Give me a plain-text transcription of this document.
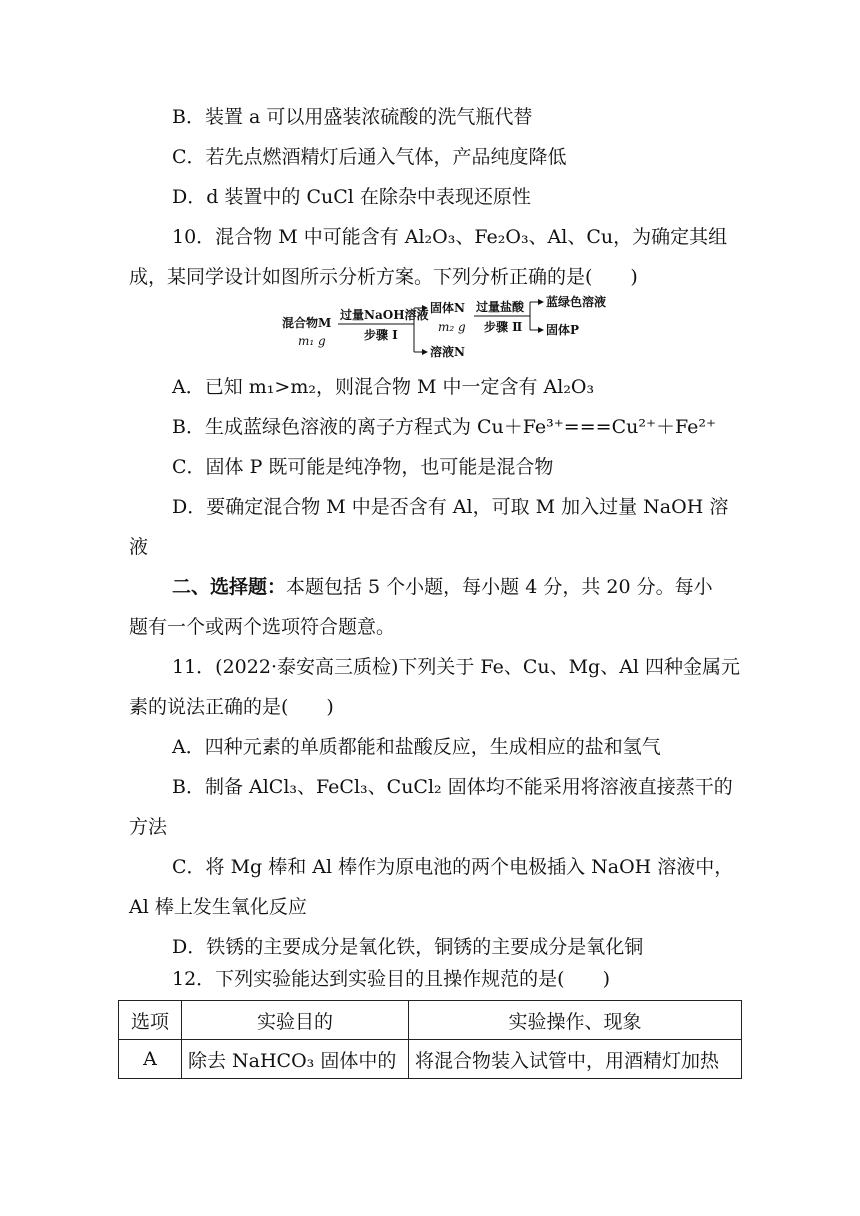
B．装置 a 可以用盛装浓硫酸的洗气瓶代替
C．若先点燃酒精灯后通入气体，产品纯度降低
D．d 装置中的 CuCl 在除杂中表现还原性
10．混合物 M 中可能含有 Al₂O₃、Fe₂O₃、Al、Cu，为确定其组
成，某同学设计如图所示分析方案。下列分析正确的是(　　)
混合物M
m₁ g
过量NaOH溶液
步骤 Ⅰ
固体N
m₂ g
溶液N
过量盐酸
步骤 Ⅱ
蓝绿色溶液
固体P
A．已知 m₁>m₂，则混合物 M 中一定含有 Al₂O₃
B．生成蓝绿色溶液的离子方程式为 Cu＋Fe³⁺===Cu²⁺＋Fe²⁺
C．固体 P 既可能是纯净物，也可能是混合物
D．要确定混合物 M 中是否含有 Al，可取 M 加入过量 NaOH 溶
液
二、选择题：本题包括 5 个小题，每小题 4 分，共 20 分。每小
题有一个或两个选项符合题意。
11．(2022·泰安高三质检)下列关于 Fe、Cu、Mg、Al 四种金属元
素的说法正确的是(　　)
A．四种元素的单质都能和盐酸反应，生成相应的盐和氢气
B．制备 AlCl₃、FeCl₃、CuCl₂ 固体均不能采用将溶液直接蒸干的
方法
C．将 Mg 棒和 Al 棒作为原电池的两个电极插入 NaOH 溶液中，
Al 棒上发生氧化反应
D．铁锈的主要成分是氧化铁，铜锈的主要成分是氧化铜
12．下列实验能达到实验目的且操作规范的是(　　)
选项	实验目的	实验操作、现象
A	除去 NaHCO₃ 固体中的	将混合物装入试管中，用酒精灯加热
